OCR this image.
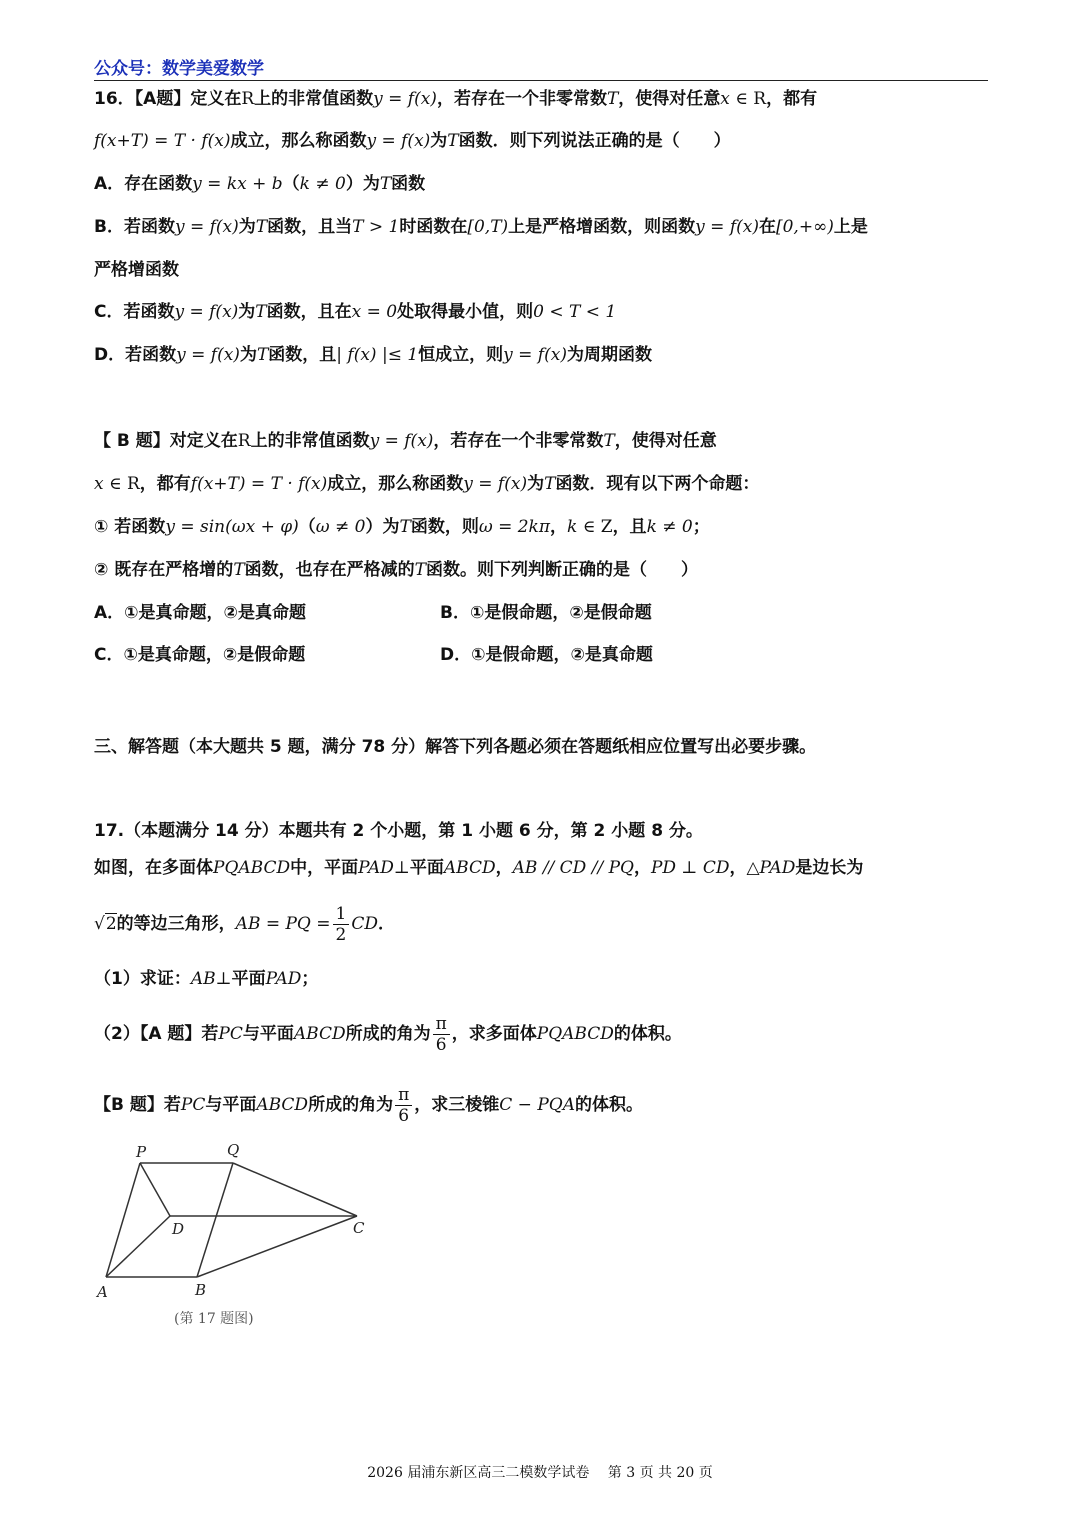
公众号：数学美爱数学
16．【A题】定义在R上的非常值函数y = f(x)，若存在一个非零常数T，使得对任意x ∈ R，都有
f(x+T) = T · f(x)成立，那么称函数y = f(x)为T函数．则下列说法正确的是（　　）
A．存在函数y = kx + b（k ≠ 0）为T函数
B．若函数y = f(x)为T函数，且当T > 1时函数在[0,T)上是严格增函数，则函数y = f(x)在[0,+∞)上是
严格增函数
C．若函数y = f(x)为T函数，且在x = 0处取得最小值，则0 < T < 1
D．若函数y = f(x)为T函数，且| f(x) |≤ 1恒成立，则y = f(x)为周期函数
【 B 题】对定义在R上的非常值函数y = f(x)，若存在一个非零常数T，使得对任意
x ∈ R，都有f(x+T) = T · f(x)成立，那么称函数y = f(x)为T函数．现有以下两个命题：
① 若函数y = sin(ωx + φ)（ω ≠ 0）为T函数，则ω = 2kπ，k ∈ Z，且k ≠ 0；
② 既存在严格增的T函数，也存在严格减的T函数。则下列判断正确的是（　　）
A．①是真命题，②是真命题	B．①是假命题，②是假命题
C．①是真命题，②是假命题	D．①是假命题，②是真命题
三、解答题（本大题共 5 题，满分 78 分）解答下列各题必须在答题纸相应位置写出必要步骤。
17.（本题满分 14 分）本题共有 2 个小题，第 1 小题 6 分，第 2 小题 8 分。
如图，在多面体PQABCD中，平面PAD⊥平面ABCD，AB // CD // PQ，PD ⊥ CD，△PAD是边长为
√2的等边三角形，AB = PQ = $\frac{1}{2}$ CD．
（1）求证：AB⊥平面PAD；
（2）【A 题】若PC与平面ABCD所成的角为 $\frac{\pi}{6}$ ，求多面体PQABCD的体积。
【B 题】若PC与平面ABCD所成的角为 $\frac{\pi}{6}$ ，求三棱锥C − PQA的体积。
P	Q
D	C
A	B
(第 17 题图)
2026 届浦东新区高三二模数学试卷　 第 3 页 共 20 页
